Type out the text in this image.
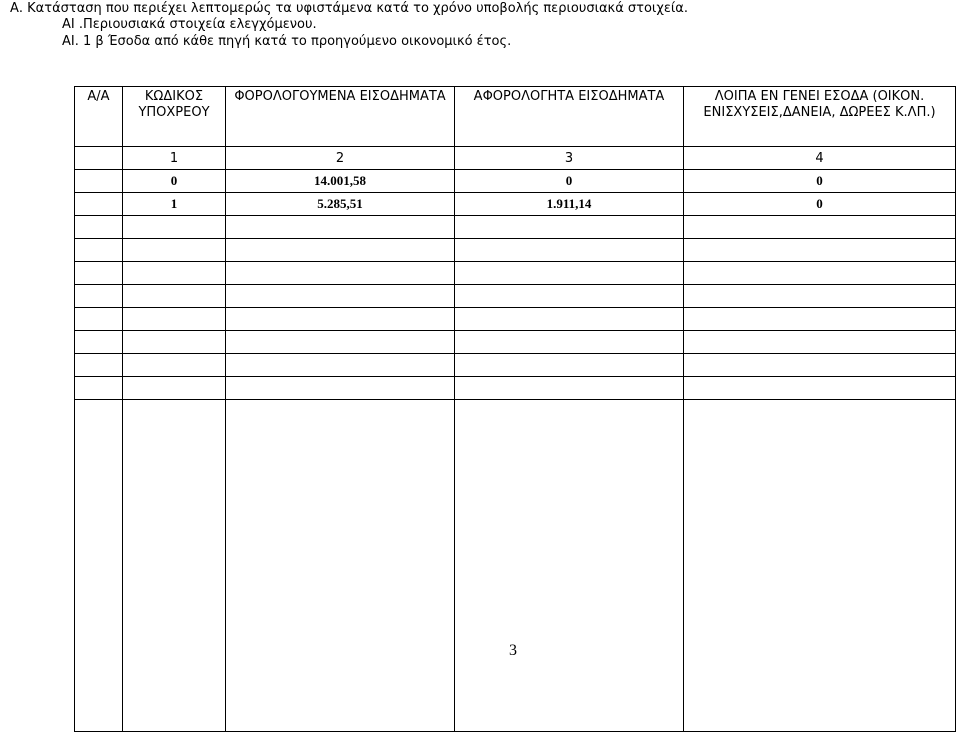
Α. Κατάσταση που περιέχει λεπτομερώς τα υφιστάμενα κατά το χρόνο υποβολής περιουσιακά στοιχεία.
ΑΙ .Περιουσιακά στοιχεία ελεγχόμενου.
ΑΙ. 1 β Έσοδα από κάθε πηγή κατά το προηγούμενο οικονομικό έτος.
Α/Α	ΚΩΔΙΚΟΣ ΥΠΟΧΡΕΟΥ	ΦΟΡΟΛΟΓΟΥΜΕΝΑ ΕΙΣΟΔΗΜΑΤΑ	ΑΦΟΡΟΛΟΓΗΤΑ ΕΙΣΟΔΗΜΑΤΑ	ΛΟΙΠΑ ΕΝ ΓΕΝΕΙ ΕΣΟΔΑ (ΟΙΚΟΝ. ΕΝΙΣΧΥΣΕΙΣ,ΔΑΝΕΙΑ, ΔΩΡΕΕΣ Κ.ΛΠ.)
	1	2	3	4
	0	14.001,58	0	0
	1	5.285,51	1.911,14	0

3
